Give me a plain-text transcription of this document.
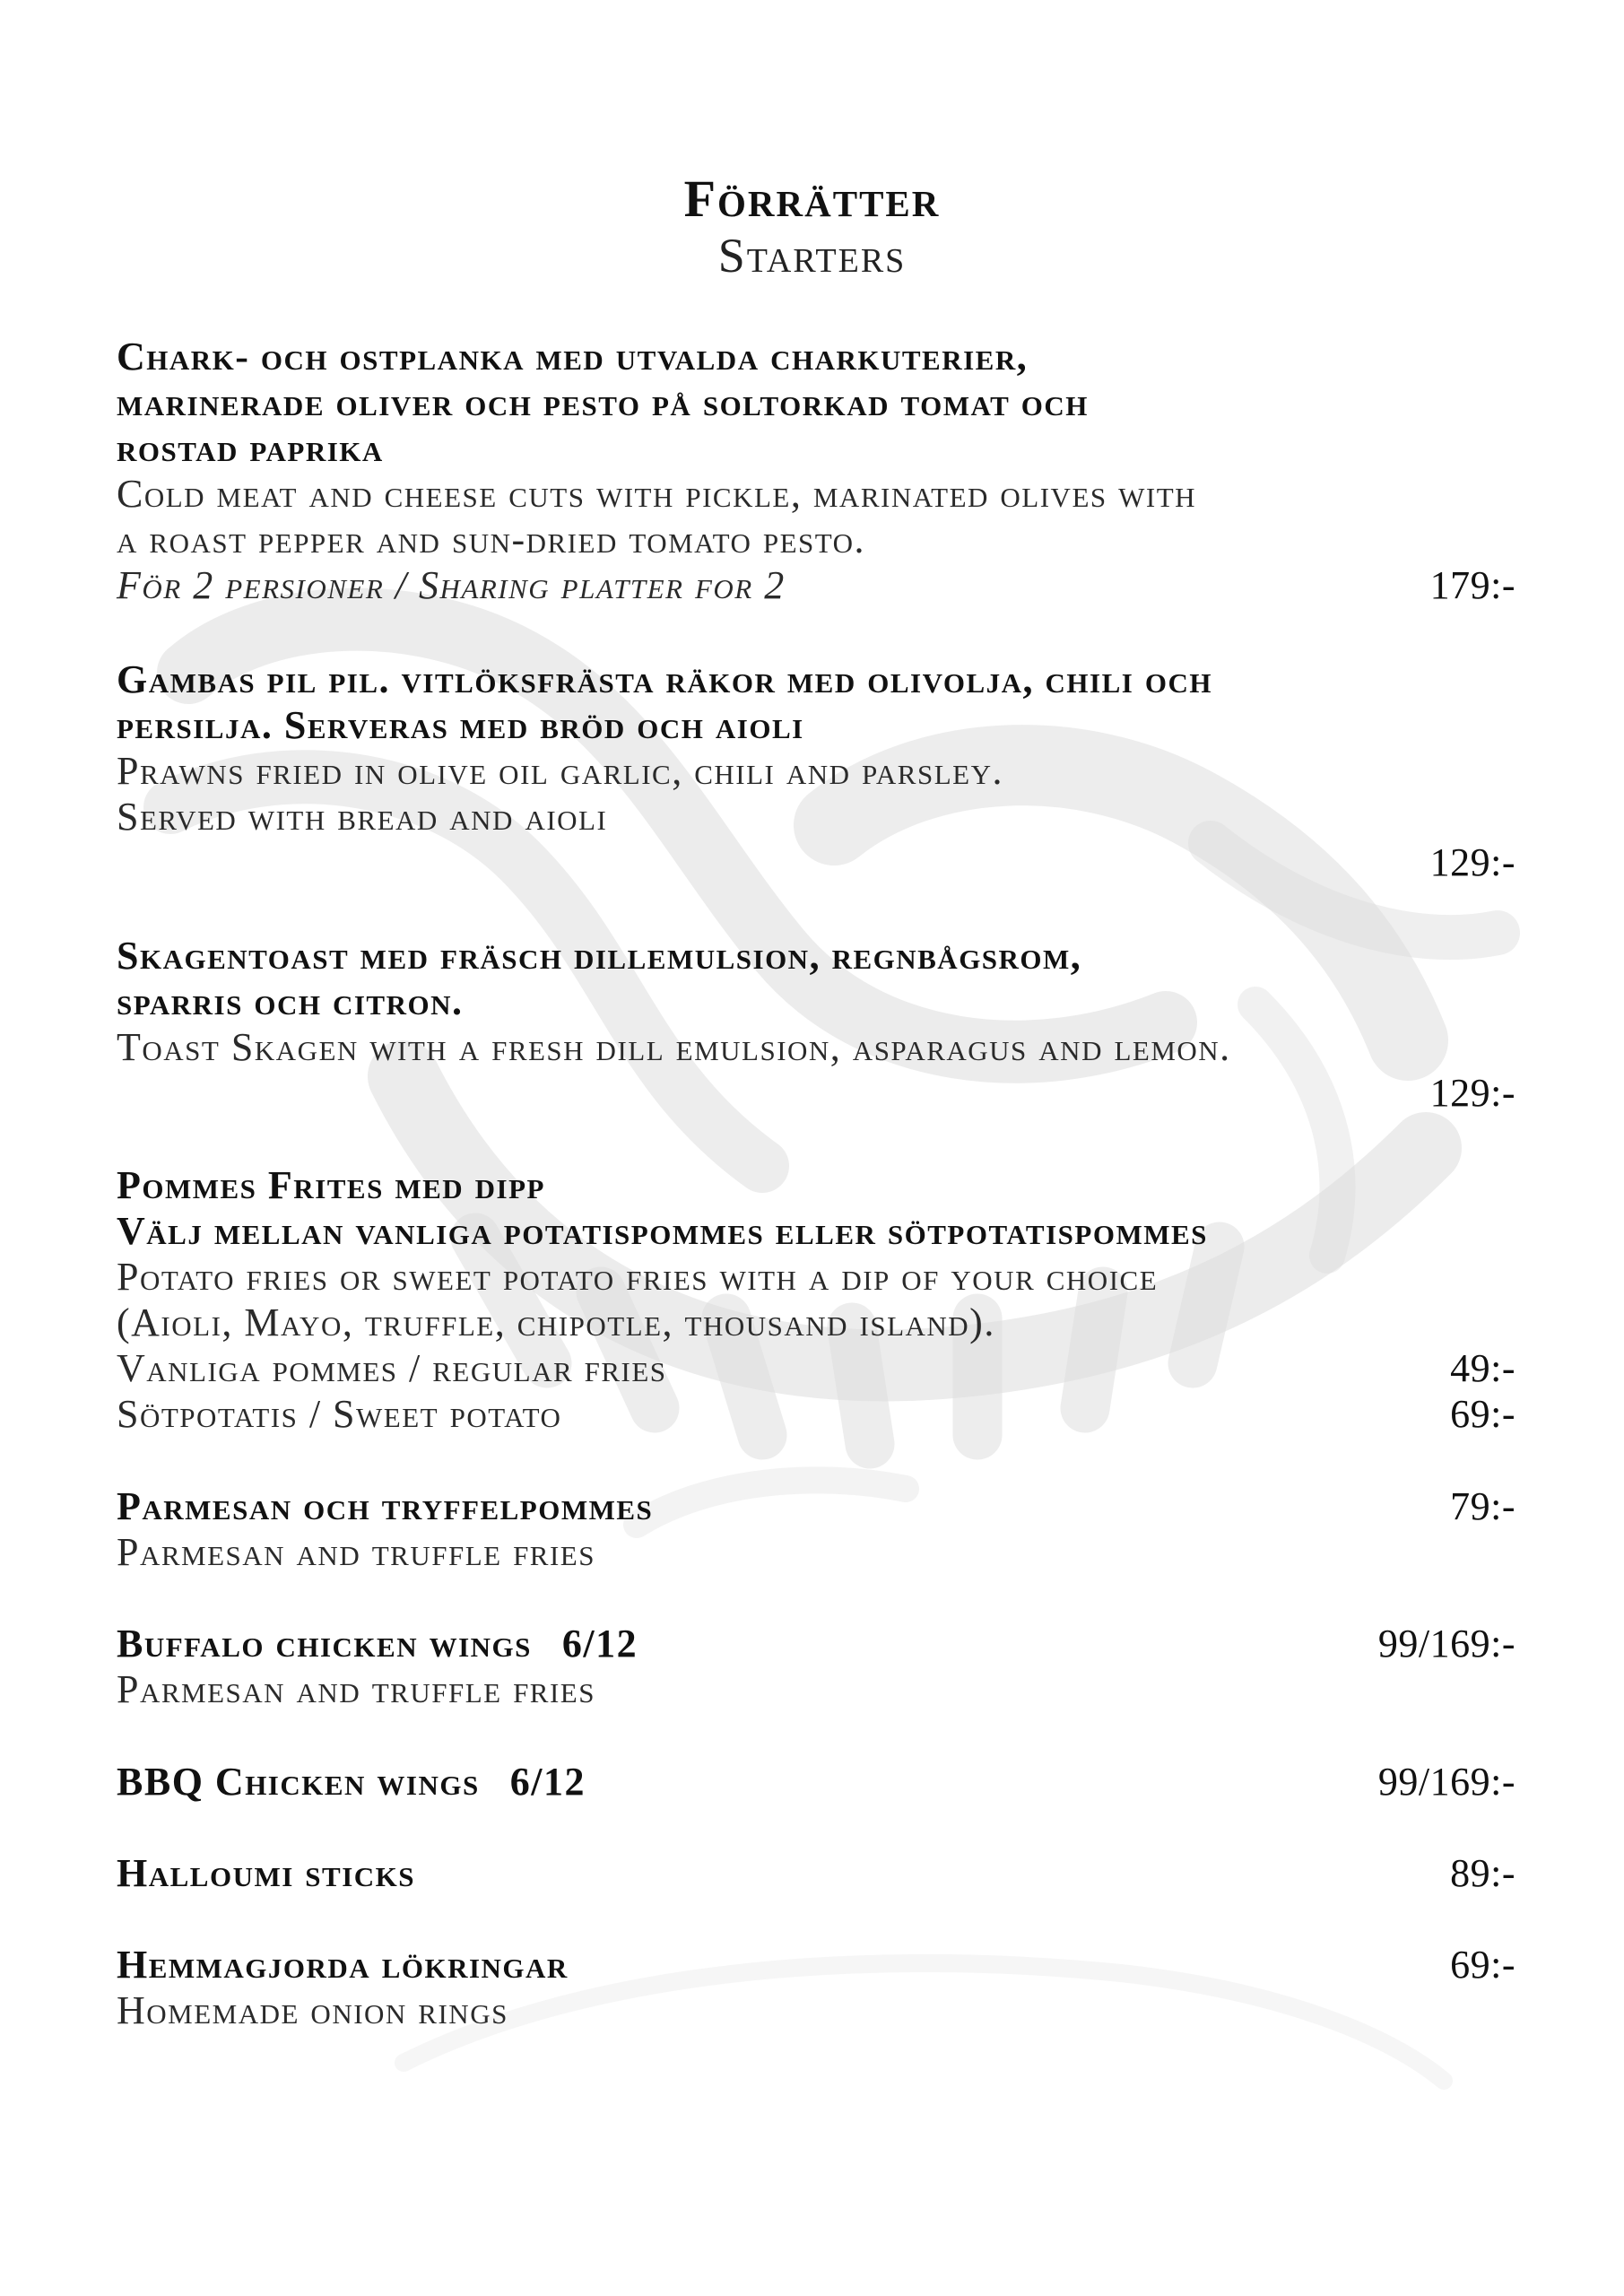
Förrätter
Starters
Chark- och ostplanka med utvalda charkuterier,
marinerade oliver och pesto på soltorkad tomat och
rostad paprika
Cold meat and cheese cuts with pickle, marinated olives with
a roast pepper and sun-dried tomato pesto.
För 2 persioner / Sharing platter for 2	179:-
Gambas pil pil. vitlöksfrästa räkor med olivolja, chili och
persilja. Serveras med bröd och aioli
Prawns fried in olive oil garlic, chili and parsley.
Served with bread and aioli
129:-
Skagentoast med fräsch dillemulsion, regnbågsrom,
sparris och citron.
Toast Skagen with a fresh dill emulsion, asparagus and lemon.
129:-
Pommes Frites med dipp
Välj mellan vanliga potatispommes eller sötpotatispommes
Potato fries or sweet potato fries with a dip of your choice
(Aioli, Mayo, truffle, chipotle, thousand island).
Vanliga pommes / regular fries	49:-
Sötpotatis / Sweet potato	69:-
Parmesan och tryffelpommes	79:-
Parmesan and truffle fries
Buffalo chicken wings 6/12	99/169:-
Parmesan and truffle fries
BBQ Chicken wings 6/12	99/169:-
Halloumi sticks	89:-
Hemmagjorda lökringar	69:-
Homemade onion rings
